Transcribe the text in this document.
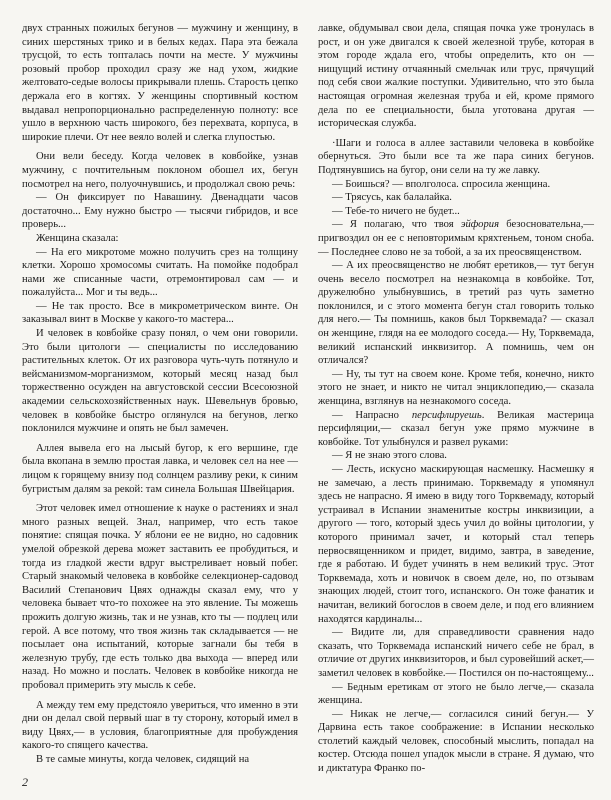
двух странных пожилых бегунов — мужчину и женщину, в синих шерстяных трико и в белых кедах. Пара эта бежала трусцой, то есть топталась почти на месте. У мужчины розовый пробор проходил сразу же над ухом, жидкие желтовато-седые волосы прикрывали плешь. Старость цепко держала его в когтях. У женщины спортивный костюм выдавал непропорционально распределенную полноту: все ушло в верхнюю часть широкого, без перехвата, корпуса, в широкие плечи. От нее веяло волей и слегка глупостью.

Они вели беседу. Когда человек в ковбойке, узнав мужчину, с почтительным поклоном обошел их, бегун посмотрел на него, полуочнувшись, и продолжал свою речь:

— Он фиксирует по Навашину. Двенадцати часов достаточно... Ему нужно быстро — тысячи гибридов, и все проверь...

Женщина сказала:

— На его микротоме можно получить срез на толщину клетки. Хорошо хромосомы считать. На помойке подобрал нами же списанные части, отремонтировал сам — и пожалуйста... Мог и ты ведь...

— Не так просто. Все в микрометрическом винте. Он заказывал винт в Москве у какого-то мастера...

И человек в ковбойке сразу понял, о чем они говорили. Это были цитологи — специалисты по исследованию растительных клеток. От их разговора чуть-чуть потянуло и вейсманизмом-морганизмом, который месяц назад был торжественно осужден на августовской сессии Всесоюзной академии сельскохозяйственных наук. Шевельнув бровью, человек в ковбойке быстро оглянулся на бегунов, легко поклонился мужчине и опять не был замечен.

Аллея вывела его на лысый бугор, к его вершине, где была вкопана в землю простая лавка, и человек сел на нее — лицом к горящему внизу под солнцем разливу реки, к синим бугристым далям за рекой: там синела Большая Швейцария.

Этот человек имел отношение к науке о растениях и знал много разных вещей. Знал, например, что есть такое понятие: спящая почка. У яблони ее не видно, но садовник умелой обрезкой дерева может заставить ее пробудиться, и тогда из гладкой жести вдруг выстреливает новый побег. Старый знакомый человека в ковбойке селекционер-садовод Василий Степанович Цвях однажды сказал ему, что у человека бывает что-то похожее на это явление. Ты можешь прожить долгую жизнь, так и не узнав, кто ты — подлец или герой. А все потому, что твоя жизнь так складывается — не посылает она испытаний, которые загнали бы тебя в железную трубу, где есть только два выхода — вперед или назад. Но можно и послать. Человек в ковбойке никогда не пробовал примерить эту мысль к себе.

А между тем ему предстояло увериться, что именно в эти дни он делал свой первый шаг в ту сторону, который имел в виду Цвях,— в условия, благоприятные для пробуждения какого-то спящего качества.

В те самые минуты, когда человек, сидящий на

лавке, обдумывал свои дела, спящая почка уже тронулась в рост, и он уже двигался к своей железной трубе, которая в этом городе ждала его, чтобы определить, кто он — нищущий истину отчаянный смельчак или трус, прячущий под себя свои жалкие поступки. Удивительно, что это была настоящая огромная железная труба и ей, кроме прямого дела по ее специальности, была уготована другая — историческая служба.

·Шаги и голоса в аллее заставили человека в ковбойке обернуться. Это были все та же пара синих бегунов. Подтянувшись на бугор, они сели на ту же лавку.

— Боишься? — вполголоса. спросила женщина.

— Трясусь, как балалайка.

— Тебе-то ничего не будет...

— Я полагаю, что твоя эйфория безосновательна,— пригвоздил он ее с неповторимым кряхтеньем, тоном сноба.— Последнее слово не за тобой, а за их преосвященством.

— А их преосвященство не любят еретиков,— тут бегун очень весело посмотрел на незнакомца в ковбойке. Тот, дружелюбно улыбнувшись, в третий раз чуть заметно поклонился, и с этого момента бегун стал говорить только для него.— Ты помнишь, каков был Торквемада? — сказал он женщине, глядя на ее молодого соседа.— Ну, Торквемада, великий испанский инквизитор. А помнишь, чем он отличался?

— Ну, ты тут на своем коне. Кроме тебя, конечно, никто этого не знает, и никто не читал энциклопедию,— сказала женщина, взглянув на незнакомого соседа.

— Напрасно персифлируешь. Великая мастерица персифляции,— сказал бегун уже прямо мужчине в ковбойке. Тот улыбнулся и развел руками:

— Я не знаю этого слова.

— Лесть, искусно маскирующая насмешку. Насмешку я не замечаю, а лесть принимаю. Торквемаду я упомянул здесь не напрасно. Я имею в виду того Торквемаду, который устраивал в Испании знаменитые костры инквизиции, а другого — того, который здесь учил до войны цитологии, у которого принимал зачет, и который стал теперь первосвященником и придет, видимо, завтра, в заведение, где я работаю. И будет учинять в нем великий трус. Этот Торквемада, хоть и новичок в своем деле, но, по отзывам знающих людей, стоит того, испанского. Он тоже фанатик и начитан, великий богослов в своем деле, и под его влиянием находятся кардиналы...

— Видите ли, для справедливости сравнения надо сказать, что Торквемада испанский ничего себе не брал, в отличие от других инквизиторов, и был суровейший аскет,— заметил человек в ковбойке.— Постился он по-настоящему...

— Бедным еретикам от этого не было легче,— сказала женщина.

— Никак не легче,— согласился синий бегун.— У Дарвина есть такое соображение: в Испании несколько столетий каждый человек, способный мыслить, попадал на костер. Отсюда пошел упадок мысли в стране. Я думаю, что и диктатура Франко по-

2
